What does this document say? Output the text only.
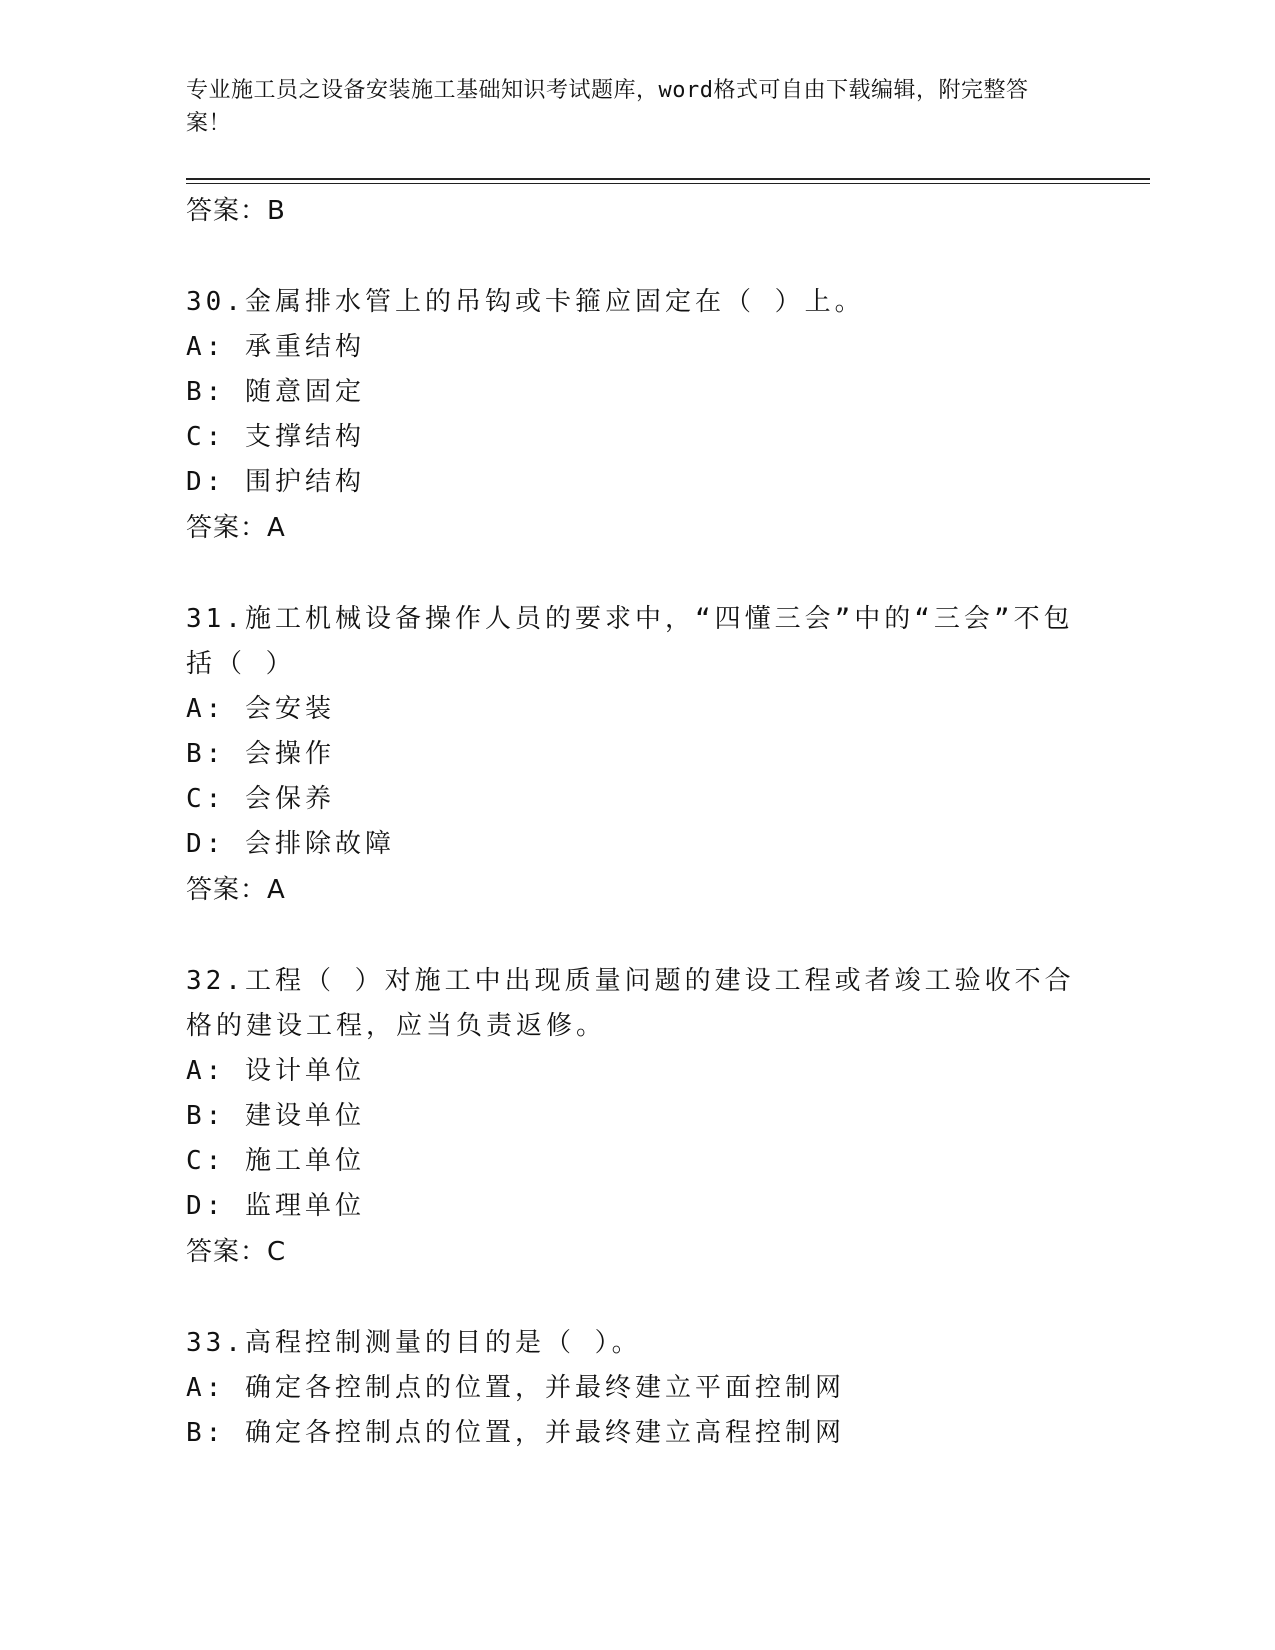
专业施工员之设备安装施工基础知识考试题库，word格式可自由下载编辑，附完整答案！
答案：B
30.金属排水管上的吊钩或卡箍应固定在（ ）上。
A: 承重结构
B: 随意固定
C: 支撑结构
D: 围护结构
答案：A
31.施工机械设备操作人员的要求中，“四懂三会”中的“三会”不包括（ ）
A: 会安装
B: 会操作
C: 会保养
D: 会排除故障
答案：A
32.工程（ ）对施工中出现质量问题的建设工程或者竣工验收不合格的建设工程，应当负责返修。
A: 设计单位
B: 建设单位
C: 施工单位
D: 监理单位
答案：C
33.高程控制测量的目的是（ ）。
A: 确定各控制点的位置，并最终建立平面控制网
B: 确定各控制点的位置，并最终建立高程控制网
